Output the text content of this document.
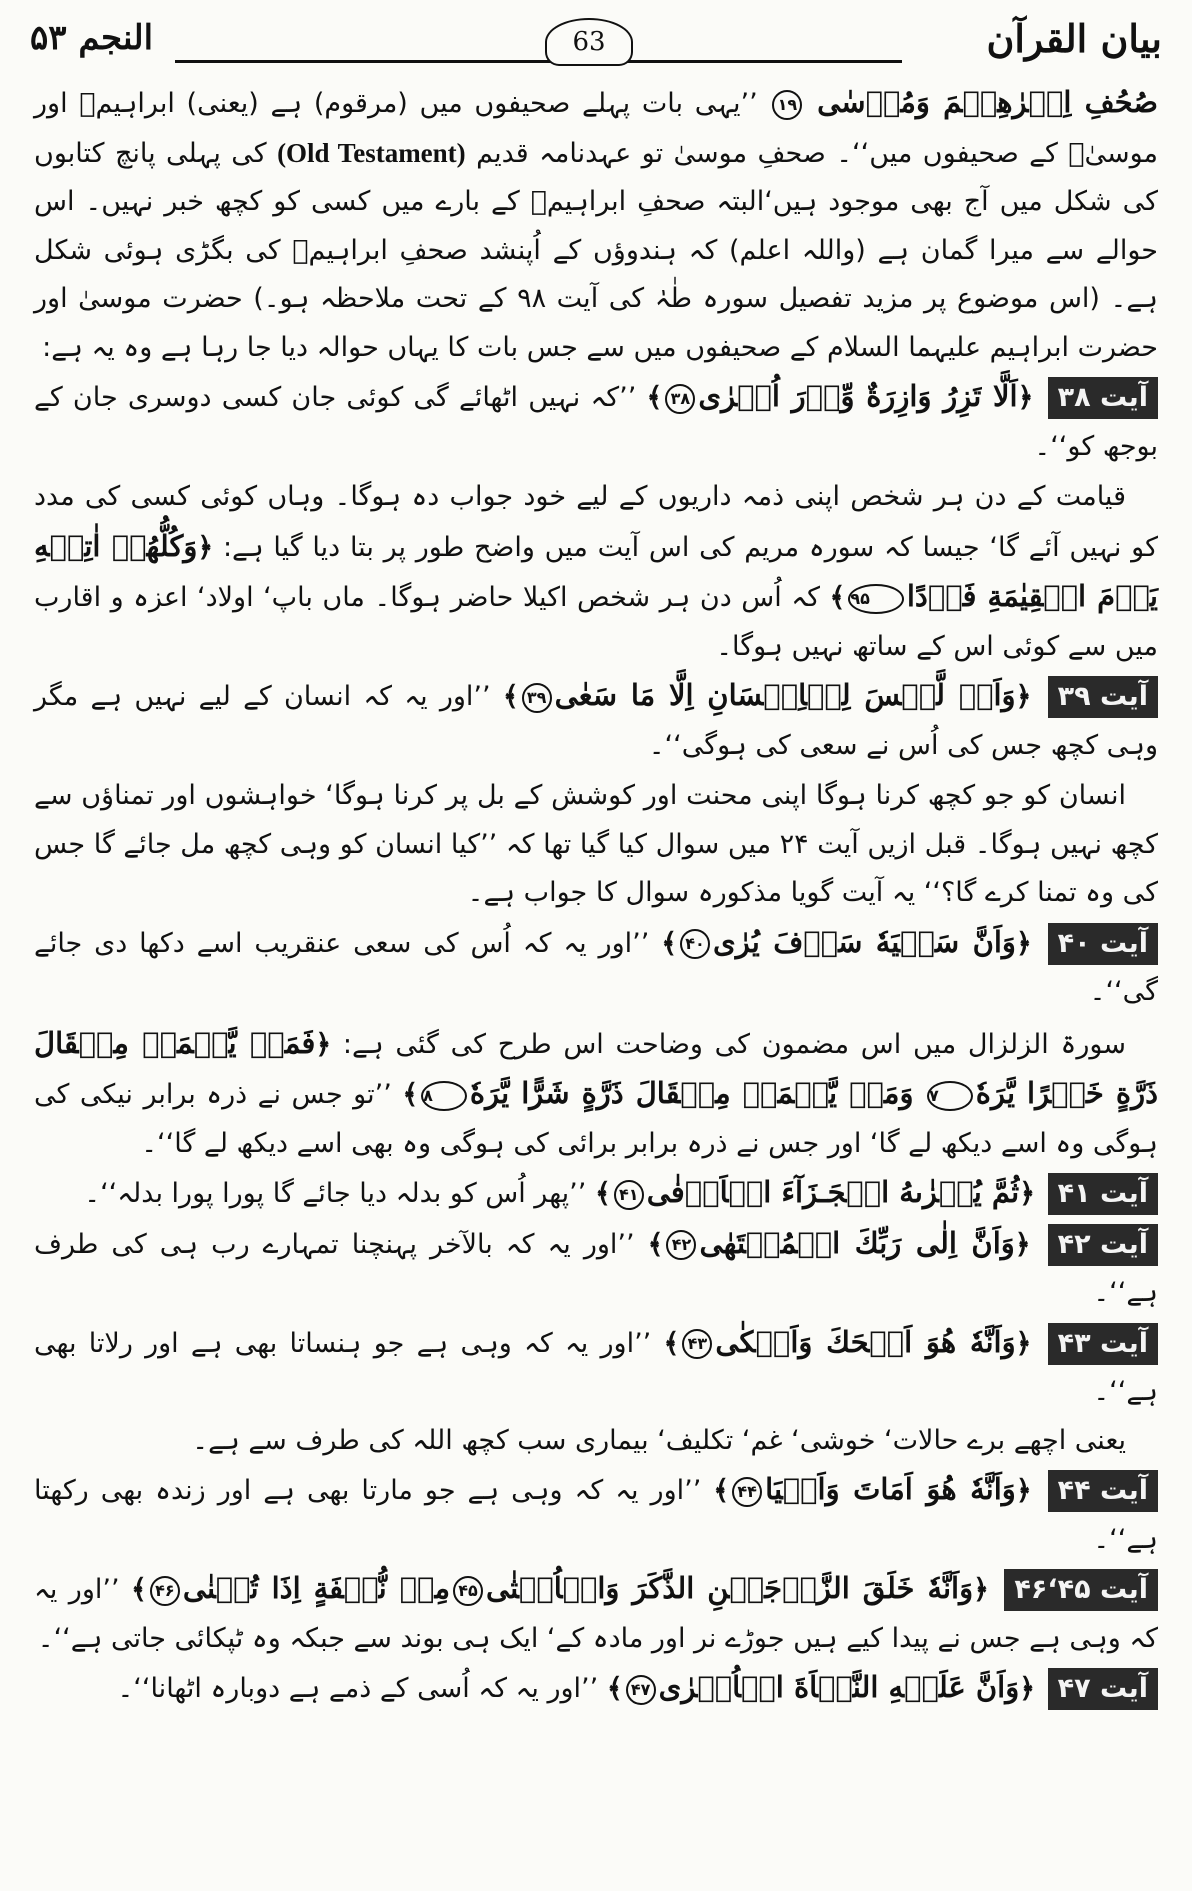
بیان القرآن
63
النجم ۵۳

صُحُفِ اِبۡرٰهِيۡمَ وَمُوۡسٰى ۱۹ ’’یہی بات پہلے صحیفوں میں (مرقوم) ہے (یعنی) ابراہیمؑ اور موسیٰؑ کے صحیفوں میں‘‘۔ صحفِ موسیٰ تو عہدنامہ قدیم (Old Testament) کی پہلی پانچ کتابوں کی شکل میں آج بھی موجود ہیں‘البتہ صحفِ ابراہیمؑ کے بارے میں کسی کو کچھ خبر نہیں۔ اس حوالے سے میرا گمان ہے (واللہ اعلم) کہ ہندوؤں کے اُپنشد صحفِ ابراہیمؑ کی بگڑی ہوئی شکل ہے۔ (اس موضوع پر مزید تفصیل سورہ طٰہٰ کی آیت ۹۸ کے تحت ملاحظہ ہو۔) حضرت موسیٰ اور حضرت ابراہیم علیہما السلام کے صحیفوں میں سے جس بات کا یہاں حوالہ دیا جا رہا ہے وہ یہ ہے:

آیت ۳۸ ﴿اَلَّا تَزِرُ وَازِرَةٌ وِّزۡرَ اُخۡرٰى۳۸﴾ ’’کہ نہیں اٹھائے گی کوئی جان کسی دوسری جان کے بوجھ کو‘‘۔

قیامت کے دن ہر شخص اپنی ذمہ داریوں کے لیے خود جواب دہ ہوگا۔ وہاں کوئی کسی کی مدد کو نہیں آئے گا‘ جیسا کہ سورہ مریم کی اس آیت میں واضح طور پر بتا دیا گیا ہے: ﴿وَكُلُّهُمۡ اٰتِيۡهِ يَوۡمَ الۡقِيٰمَةِ فَرۡدًا۹۵﴾ کہ اُس دن ہر شخص اکیلا حاضر ہوگا۔ ماں باپ‘ اولاد‘ اعزہ و اقارب میں سے کوئی اس کے ساتھ نہیں ہوگا۔

آیت ۳۹ ﴿وَاَنۡ لَّيۡسَ لِلۡاِنۡسَانِ اِلَّا مَا سَعٰى۳۹﴾ ’’اور یہ کہ انسان کے لیے نہیں ہے مگر وہی کچھ جس کی اُس نے سعی کی ہوگی‘‘۔

انسان کو جو کچھ کرنا ہوگا اپنی محنت اور کوشش کے بل پر کرنا ہوگا‘ خواہشوں اور تمناؤں سے کچھ نہیں ہوگا۔ قبل ازیں آیت ۲۴ میں سوال کیا گیا تھا کہ ’’کیا انسان کو وہی کچھ مل جائے گا جس کی وہ تمنا کرے گا؟‘‘ یہ آیت گویا مذکورہ سوال کا جواب ہے۔

آیت ۴۰ ﴿وَاَنَّ سَعۡيَهٗ سَوۡفَ يُرٰى۴۰﴾ ’’اور یہ کہ اُس کی سعی عنقریب اسے دکھا دی جائے گی‘‘۔

سورۃ الزلزال میں اس مضمون کی وضاحت اس طرح کی گئی ہے: ﴿فَمَنۡ يَّعۡمَلۡ مِثۡقَالَ ذَرَّةٍ خَيۡرًا يَّرَهٗ۷ وَمَنۡ يَّعۡمَلۡ مِثۡقَالَ ذَرَّةٍ شَرًّا يَّرَهٗ۸﴾ ’’تو جس نے ذرہ برابر نیکی کی ہوگی وہ اسے دیکھ لے گا‘ اور جس نے ذرہ برابر برائی کی ہوگی وہ بھی اسے دیکھ لے گا‘‘۔

آیت ۴۱ ﴿ثُمَّ يُجۡزٰٮهُ الۡجَـزَآءَ الۡاَوۡفٰى۴۱﴾ ’’پھر اُس کو بدلہ دیا جائے گا پورا پورا بدلہ‘‘۔

آیت ۴۲ ﴿وَاَنَّ اِلٰى رَبِّكَ الۡمُنۡتَهٰى۴۲﴾ ’’اور یہ کہ بالآخر پہنچنا تمہارے رب ہی کی طرف ہے‘‘۔

آیت ۴۳ ﴿وَاَنَّهٗ هُوَ اَضۡحَكَ وَاَبۡكٰى۴۳﴾ ’’اور یہ کہ وہی ہے جو ہنساتا بھی ہے اور رلاتا بھی ہے‘‘۔

یعنی اچھے برے حالات‘ خوشی‘ غم‘ تکلیف‘ بیماری سب کچھ اللہ کی طرف سے ہے۔

آیت ۴۴ ﴿وَاَنَّهٗ هُوَ اَمَاتَ وَاَحۡيَا۴۴﴾ ’’اور یہ کہ وہی ہے جو مارتا بھی ہے اور زندہ بھی رکھتا ہے‘‘۔

آیت ۴۵‘۴۶ ﴿وَاَنَّهٗ خَلَقَ الزَّوۡجَيۡنِ الذَّكَرَ وَالۡاُنۡثٰى۴۵مِنۡ نُّطۡفَةٍ اِذَا تُمۡنٰى۴۶﴾ ’’اور یہ کہ وہی ہے جس نے پیدا کیے ہیں جوڑے نر اور مادہ کے‘ ایک ہی بوند سے جبکہ وہ ٹپکائی جاتی ہے‘‘۔

آیت ۴۷ ﴿وَاَنَّ عَلَيۡهِ النَّشۡاَةَ الۡاُخۡرٰى۴۷﴾ ’’اور یہ کہ اُسی کے ذمے ہے دوبارہ اٹھانا‘‘۔
